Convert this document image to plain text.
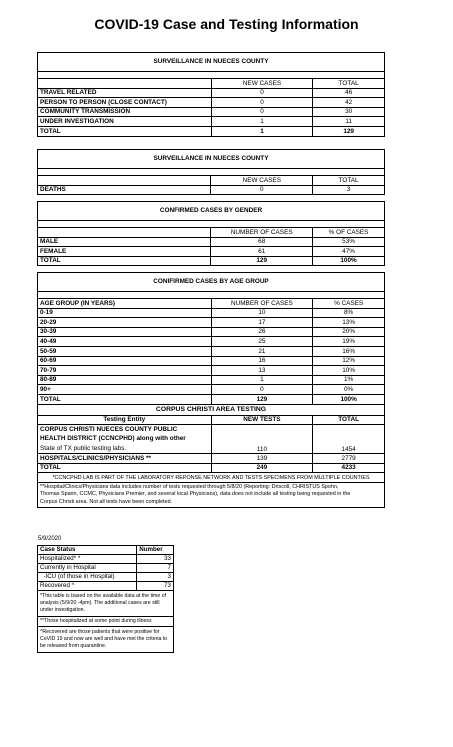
COVID-19 Case and Testing Information
SURVEILLANCE IN NUECES COUNTY		

	NEW CASES	TOTAL
TRAVEL RELATED	0	46
PERSON TO PERSON (CLOSE CONTACT)	0	42
COMMUNITY TRANSMISSION	0	30
UNDER INVESTIGATION	1	11
TOTAL	1	129
SURVEILLANCE IN NUECES COUNTY		

	NEW CASES	TOTAL
DEATHS	0	3
CONFIRMED CASES BY GENDER		

	NUMBER OF CASES	% OF CASES
MALE	68	53%
FEMALE	61	47%
TOTAL	129	100%
CONIFIRMED CASES BY AGE GROUP		

AGE GROUP (IN YEARS)	NUMBER OF CASES	% CASES
0-19	10	8%
20-29	17	13%
30-39	26	20%
40-49	25	19%
50-59	21	16%
60-69	16	12%
70-79	13	10%
80-89	1	1%
90+	0	0%
TOTAL	129	100%
CORPUS CHRISTI AREA TESTING		
Testing Entity	NEW TESTS	TOTAL

CORPUS CHRISTI NUECES COUNTY PUBLIC
HEALTH DISTRICT (CCNCPHD) along with other
State of TX public testing labs.	110	1454
HOSPITALS/CLINICS/PHYSICIANS **	139	2779
TOTAL	249	4233
*CCNCPHD LAB IS PART OF THE LABORATORY REPONSE NETWORK AND TESTS SPECIMENS FROM MULTIPLE COUNTIES		

**Hospital/Clinics/Physicians data includes number of tests requested through 5/8/20 (Reporting: Driscoll, CHRISTUS Spohn,
Thomas Spann, CCMC, Physicians Premier, and several local Physicians), data does not include all testing being requested in the
Corpus Christi area. Not all tests have been completed.		
5/9/2020
Case Status	Number
Hospitalized* *	33
Currently in Hospital	7
-ICU (of those in Hospital)	3
Recovered ^	73

*This table is based on the available data at the time of
analysis (5/9/20 -4pm). The additional cases are still
under investigation.	

**Those hospitalized at some point during illness	

^Recovered are those patients that were positive for
CoVID 19 and now are well and have met the criteria to
be released from quarantine.	
